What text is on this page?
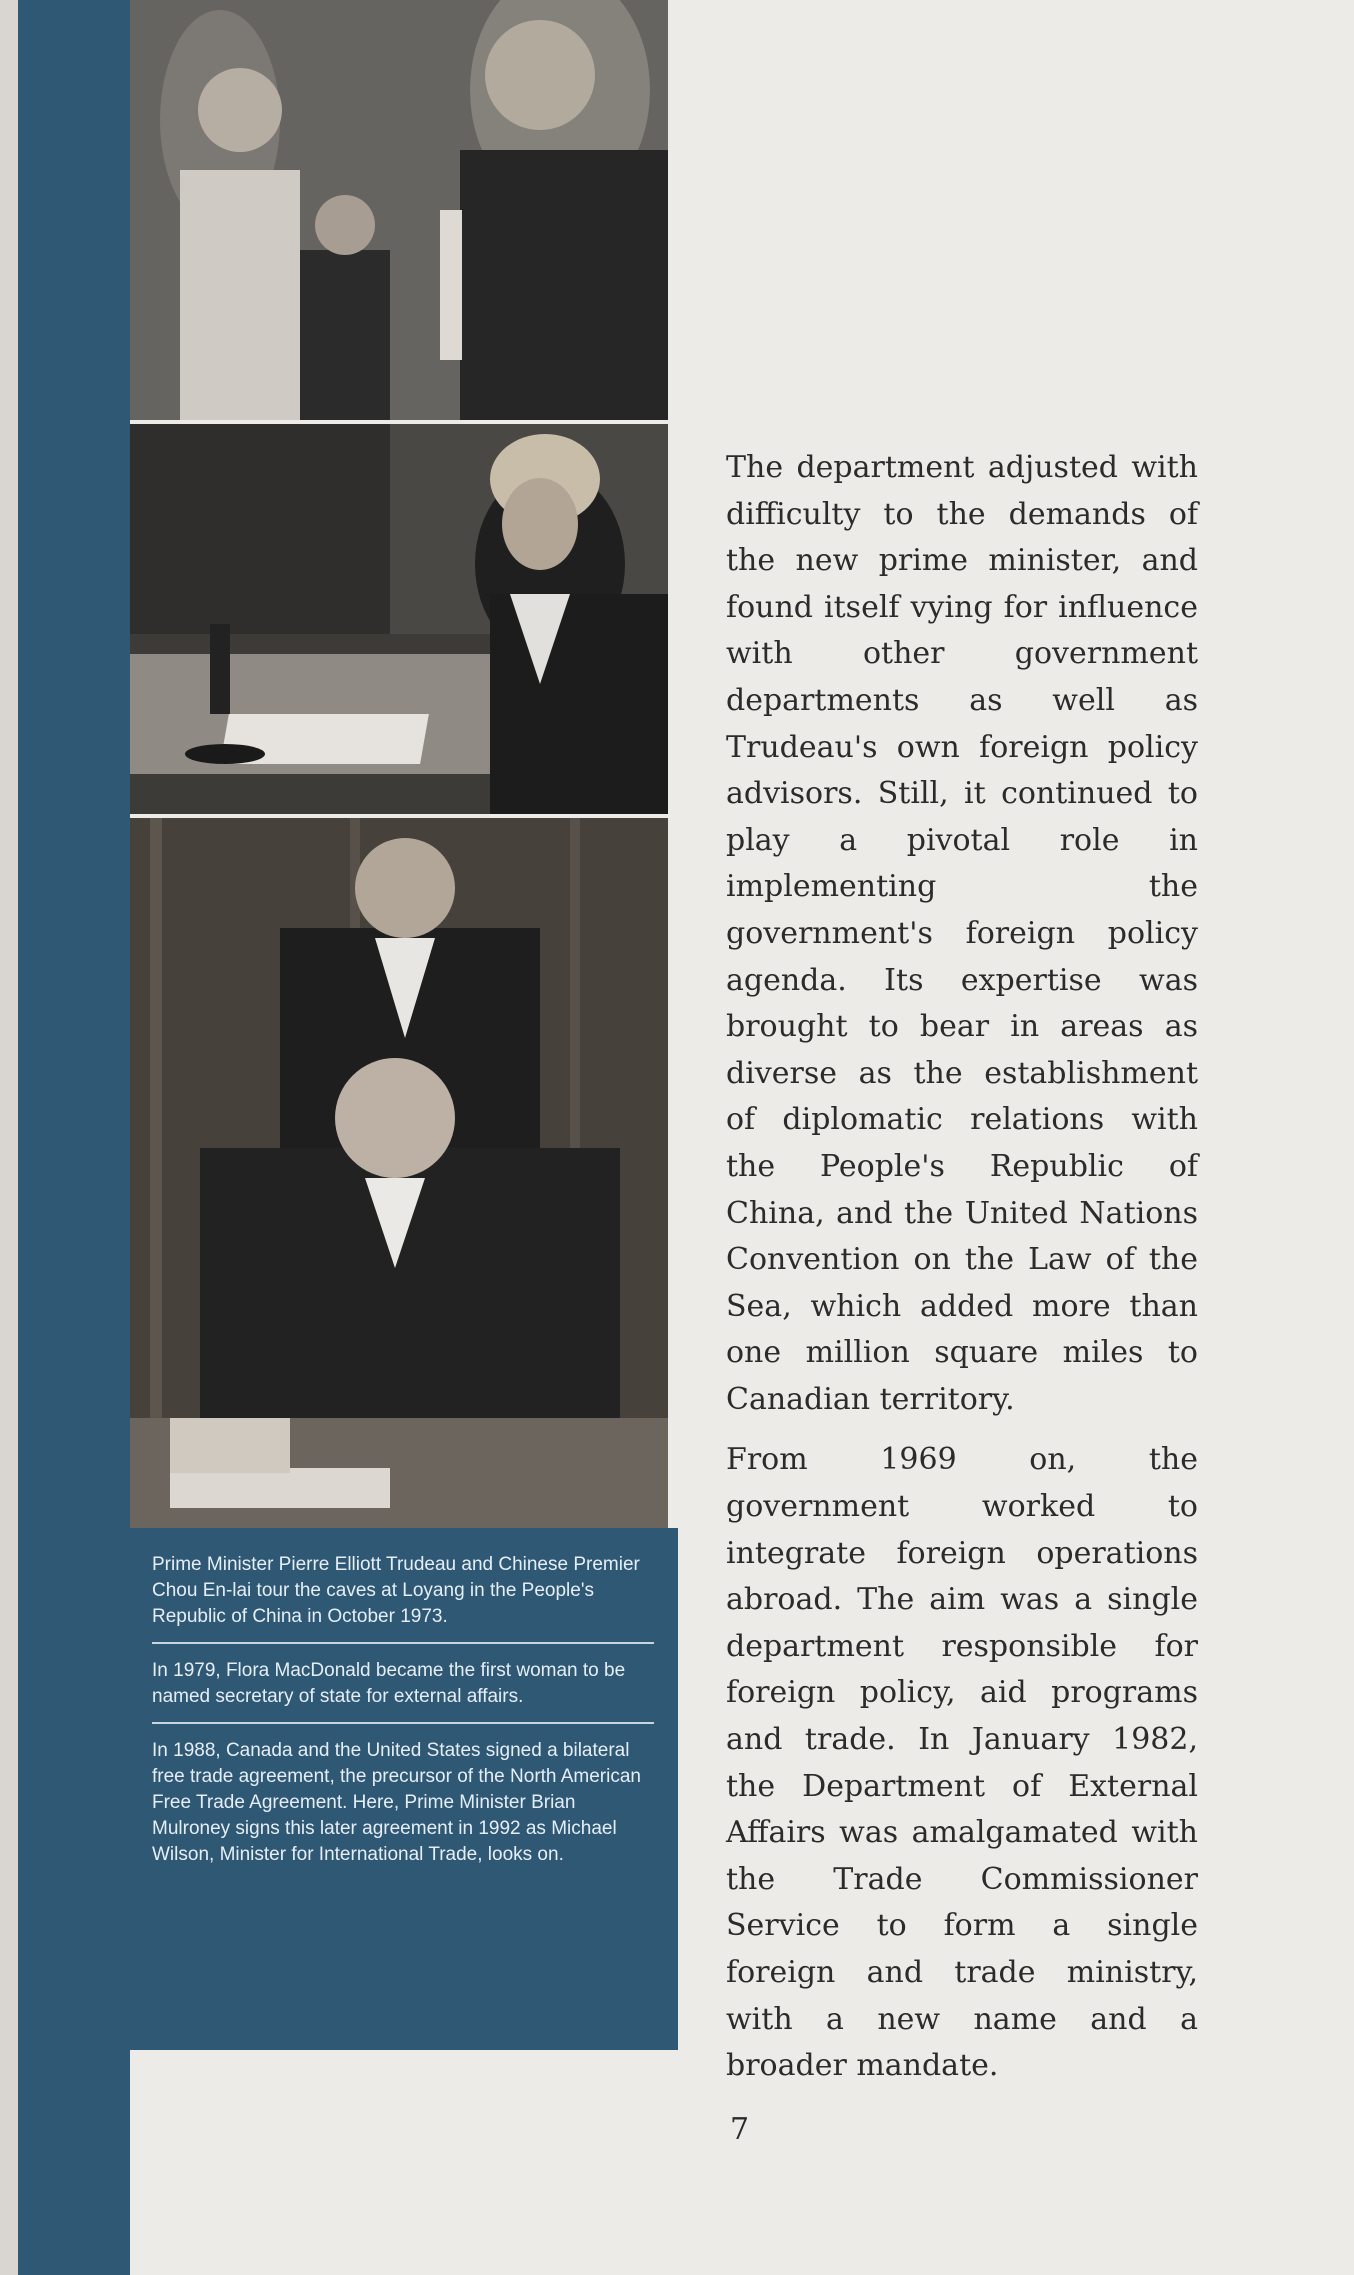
Prime Minister Pierre Elliott Trudeau and Chinese Premier Chou En-lai tour the caves at Loyang in the People's Republic of China in October 1973.

In 1979, Flora MacDonald became the first woman to be named secretary of state for external affairs.

In 1988, Canada and the United States signed a bilateral free trade agreement, the precursor of the North American Free Trade Agreement. Here, Prime Minister Brian Mulroney signs this later agreement in 1992 as Michael Wilson, Minister for International Trade, looks on.

The department adjusted with difficulty to the demands of the new prime minister, and found itself vying for influence with other government departments as well as Trudeau's own foreign policy advisors. Still, it continued to play a pivotal role in implementing the government's foreign policy agenda. Its expertise was brought to bear in areas as diverse as the establishment of diplomatic relations with the People's Republic of China, and the United Nations Convention on the Law of the Sea, which added more than one million square miles to Canadian territory.

From 1969 on, the government worked to integrate foreign operations abroad. The aim was a single department responsible for foreign policy, aid programs and trade. In January 1982, the Department of External Affairs was amalgamated with the Trade Commissioner Service to form a single foreign and trade ministry, with a new name and a broader mandate.

7
